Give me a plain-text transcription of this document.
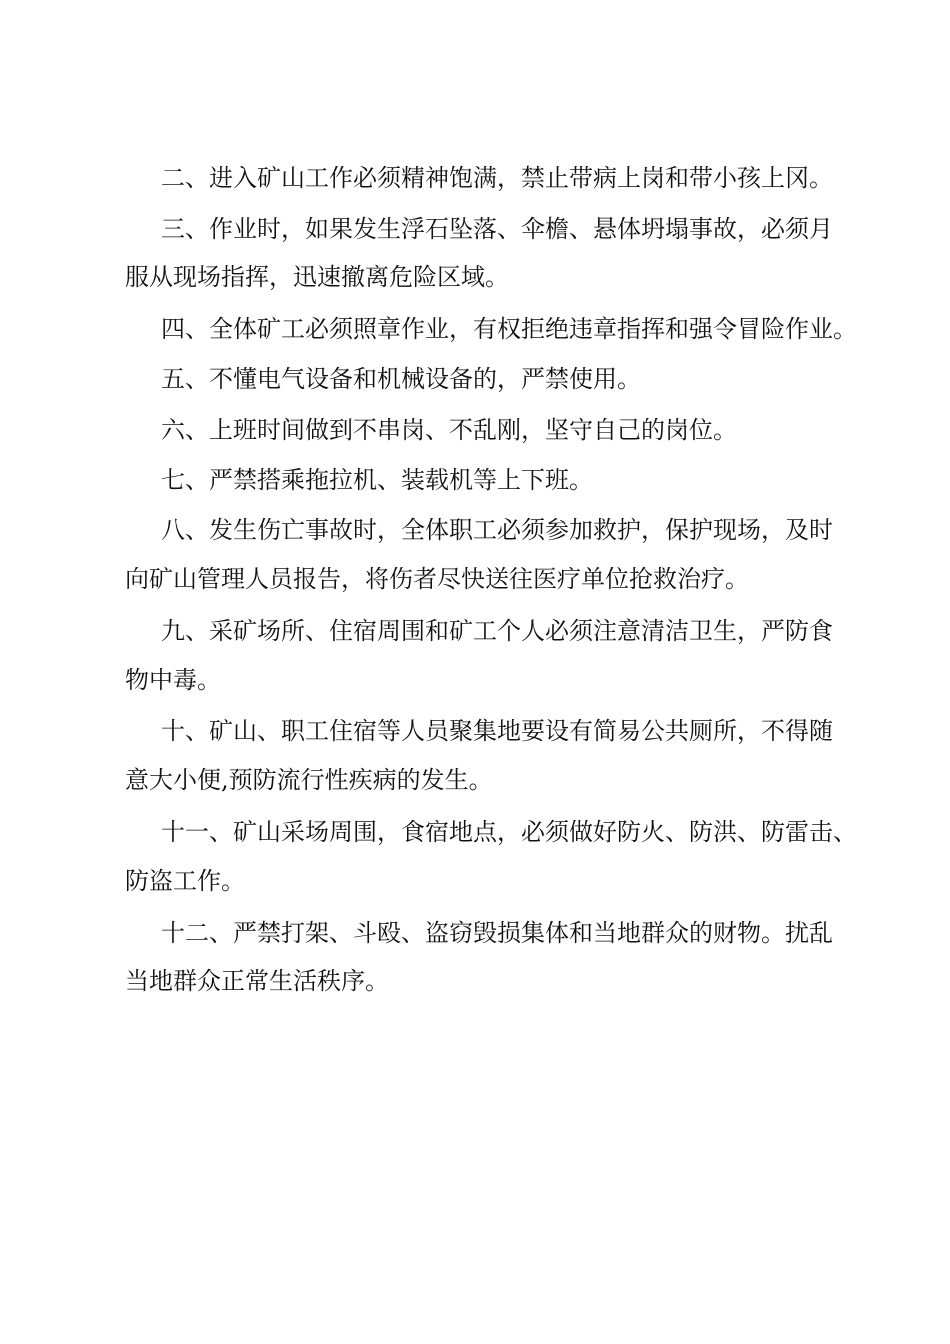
二、进入矿山工作必须精神饱满，禁止带病上岗和带小孩上冈。
三、作业时，如果发生浮石坠落、伞檐、悬体坍塌事故，必须月
服从现场指挥，迅速撤离危险区域。
四、全体矿工必须照章作业，有权拒绝违章指挥和强令冒险作业。
五、不懂电气设备和机械设备的，严禁使用。
六、上班时间做到不串岗、不乱刚，坚守自己的岗位。
七、严禁搭乘拖拉机、装载机等上下班。
八、发生伤亡事故时，全体职工必须参加救护，保护现场，及时
向矿山管理人员报告，将伤者尽快送往医疗单位抢救治疗。
九、采矿场所、住宿周围和矿工个人必须注意清洁卫生，严防食
物中毒。
十、矿山、职工住宿等人员聚集地要设有简易公共厕所，不得随
意大小便,预防流行性疾病的发生。
十一、矿山采场周围，食宿地点，必须做好防火、防洪、防雷击、
防盗工作。
十二、严禁打架、斗殴、盗窃毁损集体和当地群众的财物。扰乱
当地群众正常生活秩序。
